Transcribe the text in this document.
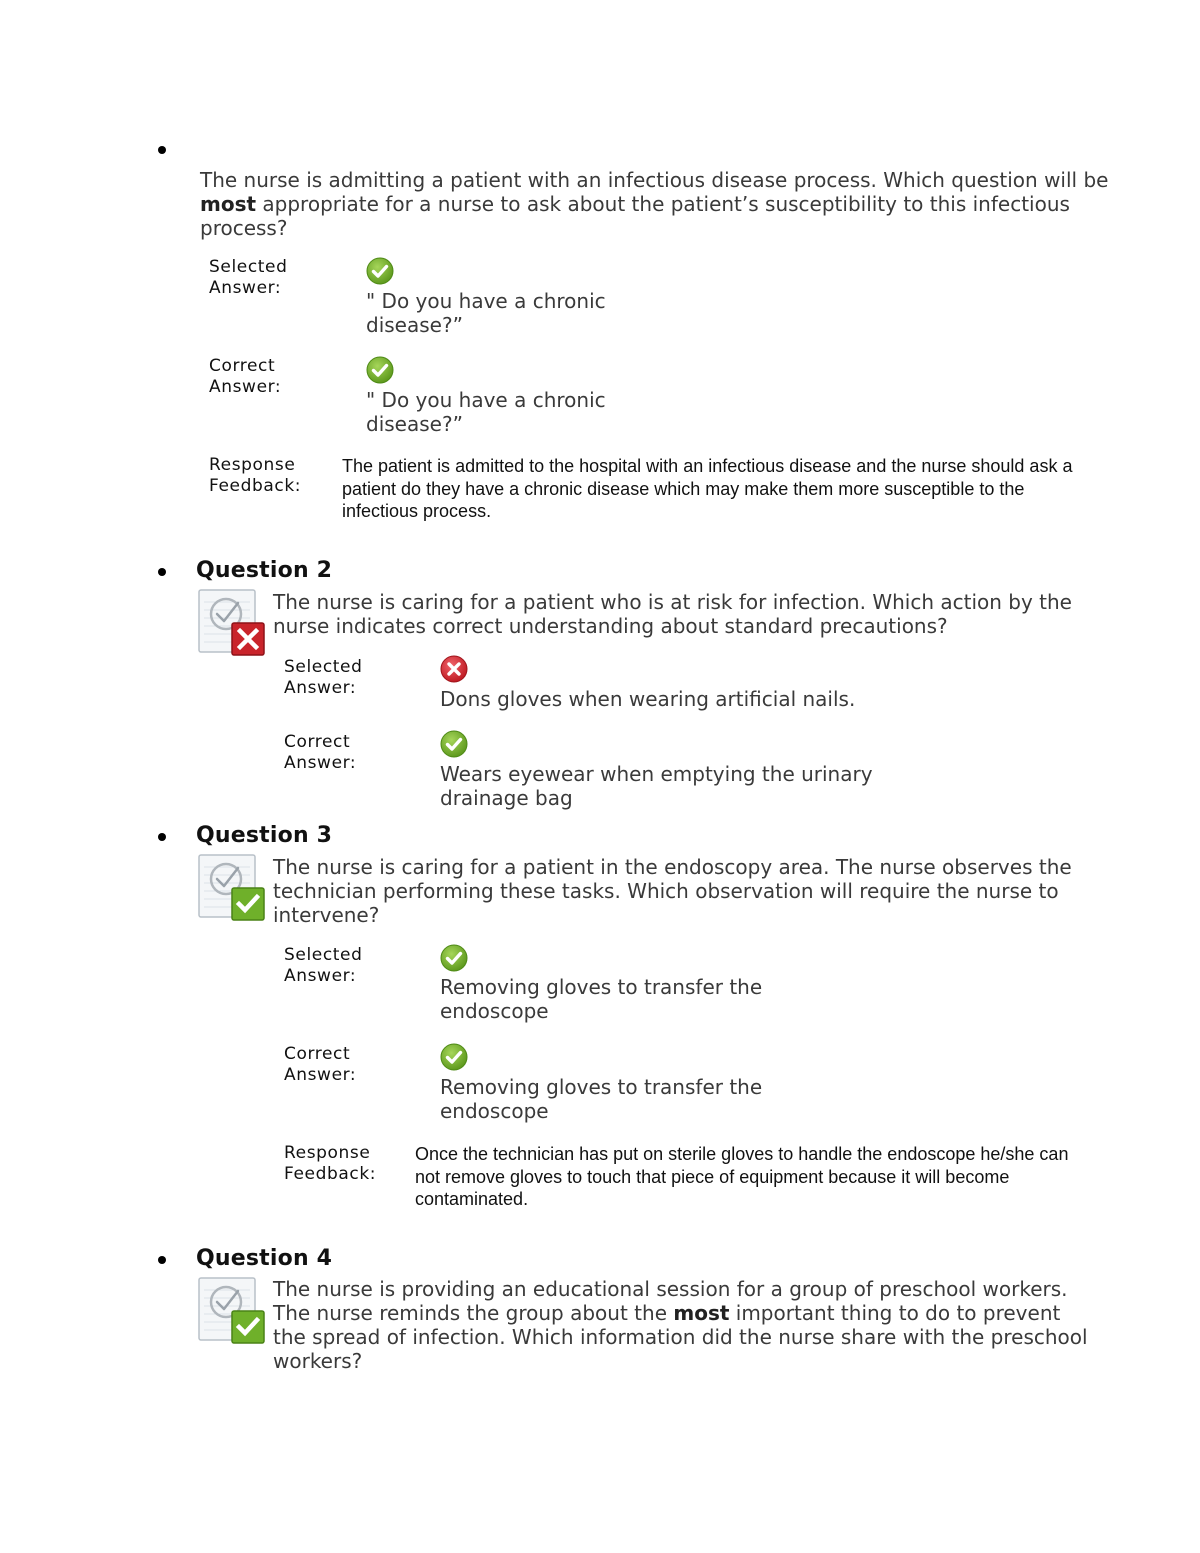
The nurse is admitting a patient with an infectious disease process. Which question will be most appropriate for a nurse to ask about the patient’s susceptibility to this infectious process?

Selected Answer:

" Do you have a chronic disease?”

Correct Answer:

" Do you have a chronic disease?”

Response Feedback:

The patient is admitted to the hospital with an infectious disease and the nurse should ask a patient do they have a chronic disease which may make them more susceptible to the infectious process.

Question 2

The nurse is caring for a patient who is at risk for infection. Which action by the nurse indicates correct understanding about standard precautions?

Selected Answer:	Dons gloves when wearing artificial nails.

Correct Answer:	Wears eyewear when emptying the urinary drainage bag

Question 3

The nurse is caring for a patient in the endoscopy area. The nurse observes the technician performing these tasks. Which observation will require the nurse to intervene?

Selected Answer:	Removing gloves to transfer the endoscope

Correct Answer:	Removing gloves to transfer the endoscope

Response Feedback:

Once the technician has put on sterile gloves to handle the endoscope he/she can not remove gloves to touch that piece of equipment because it will become contaminated.

Question 4

The nurse is providing an educational session for a group of preschool workers. The nurse reminds the group about the most important thing to do to prevent the spread of infection. Which information did the nurse share with the preschool workers?
